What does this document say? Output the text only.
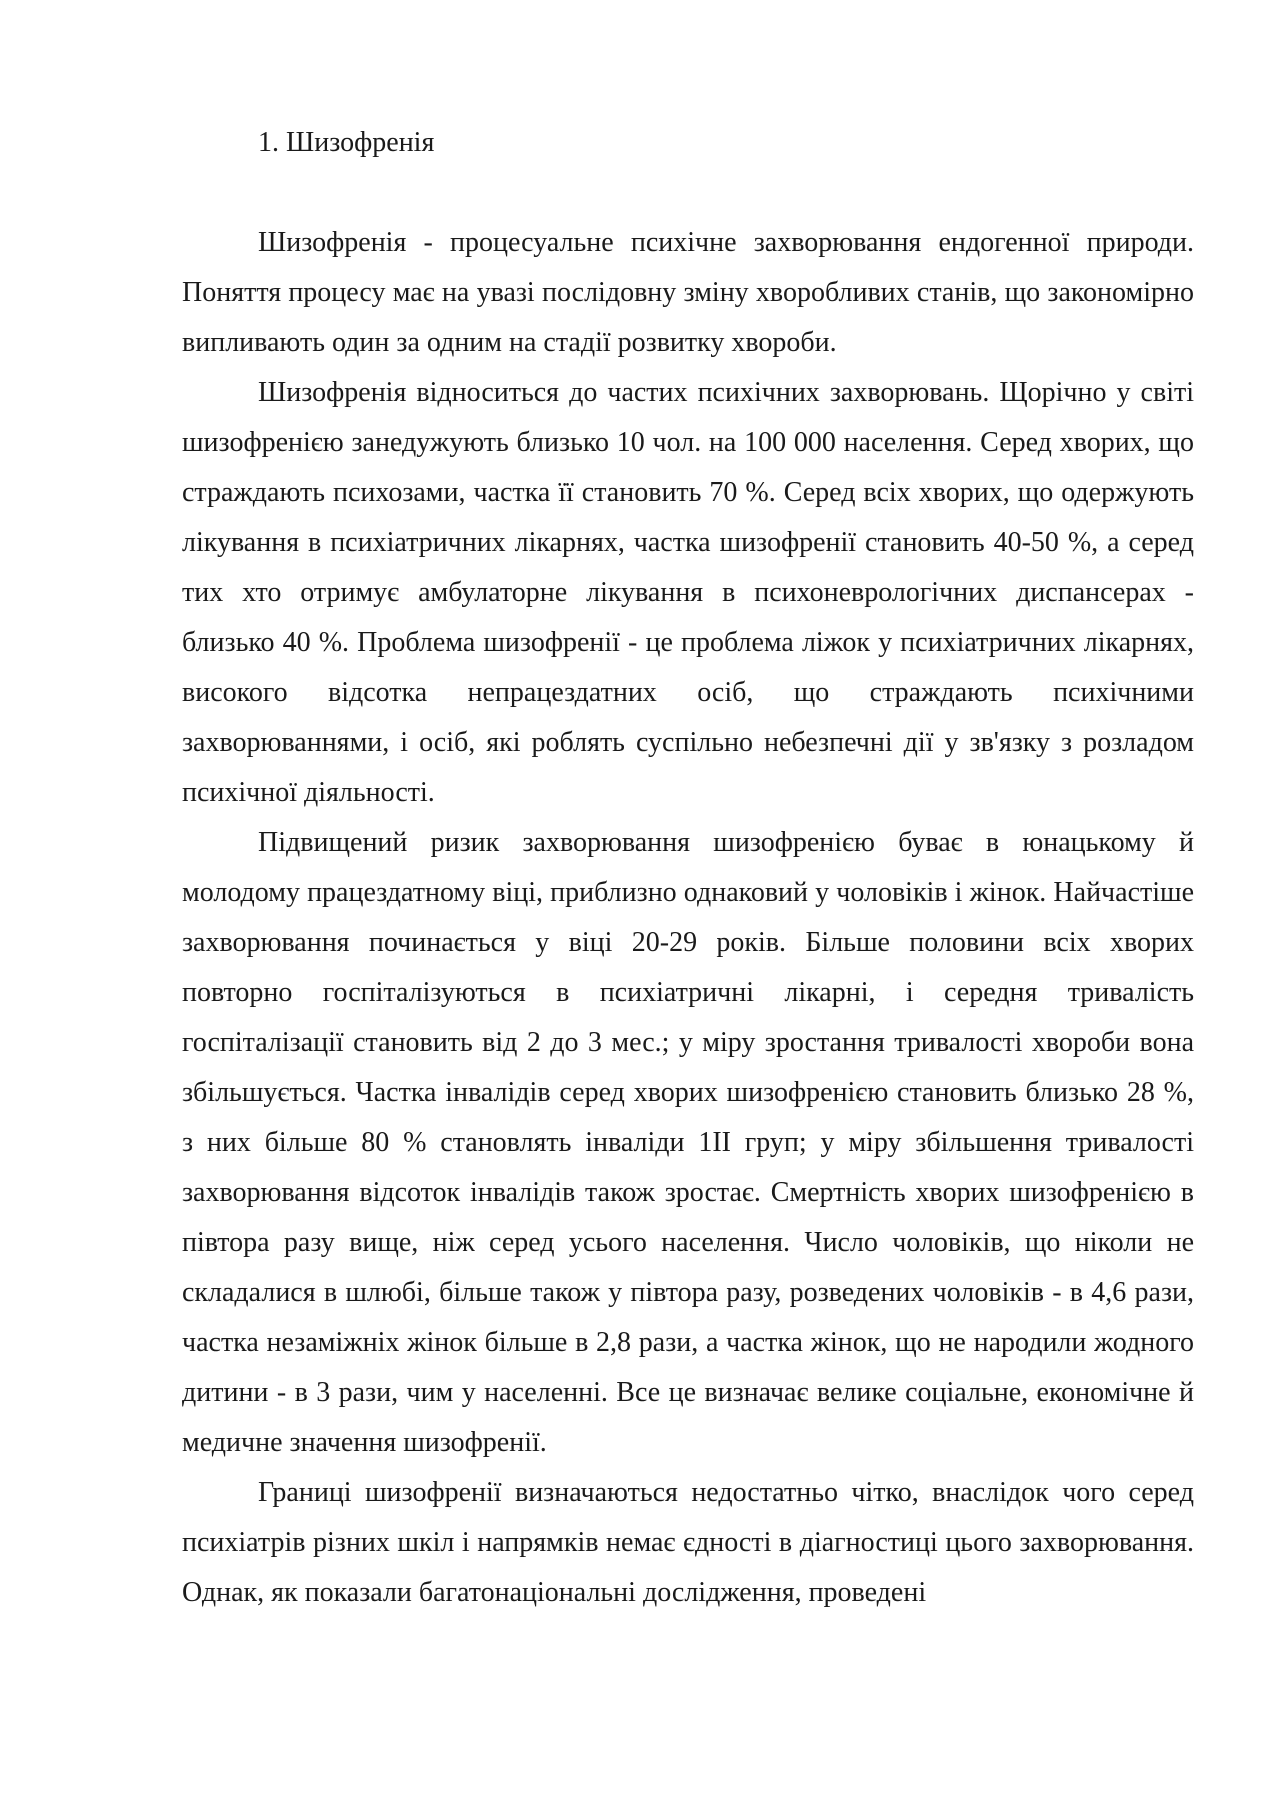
1. Шизофренія

Шизофренія - процесуальне психічне захворювання ендогенної природи. Поняття процесу має на увазі послідовну зміну хворобливих станів, що закономірно випливають один за одним на стадії розвитку хвороби.

Шизофренія відноситься до частих психічних захворювань. Щорічно у світі шизофренією занедужують близько 10 чол. на 100 000 населення. Серед хворих, що страждають психозами, частка її становить 70 %. Серед всіх хворих, що одержують лікування в психіатричних лікарнях, частка шизофренії становить 40-50 %, а серед тих хто отримує амбулаторне лікування в психоневрологічних диспансерах - близько 40 %. Проблема шизофренії - це проблема ліжок у психіатричних лікарнях, високого відсотка непрацездатних осіб, що страждають психічними захворюваннями, і осіб, які роблять суспільно небезпечні дії у зв'язку з розладом психічної діяльності.

Підвищений ризик захворювання шизофренією буває в юнацькому й молодому працездатному віці, приблизно однаковий у чоловіків і жінок. Найчастіше захворювання починається у віці 20-29 років. Більше половини всіх хворих повторно госпіталізуються в психіатричні лікарні, і середня тривалість госпіталізації становить від 2 до 3 мес.; у міру зростання тривалості хвороби вона збільшується. Частка інвалідів серед хворих шизофренією становить близько 28 %, з них більше 80 % становлять інваліди 1ІІ груп; у міру збільшення тривалості захворювання відсоток інвалідів також зростає. Смертність хворих шизофренією в півтора разу вище, ніж серед усього населення. Число чоловіків, що ніколи не складалися в шлюбі, більше також у півтора разу, розведених чоловіків - в 4,6 рази, частка незаміжніх жінок більше в 2,8 рази, а частка жінок, що не народили жодного дитини - в 3 рази, чим у населенні. Все це визначає велике соціальне, економічне й медичне значення шизофренії.

Границі шизофренії визначаються недостатньо чітко, внаслідок чого серед психіатрів різних шкіл і напрямків немає єдності в діагностиці цього захворювання. Однак, як показали багатонаціональні дослідження, проведені
